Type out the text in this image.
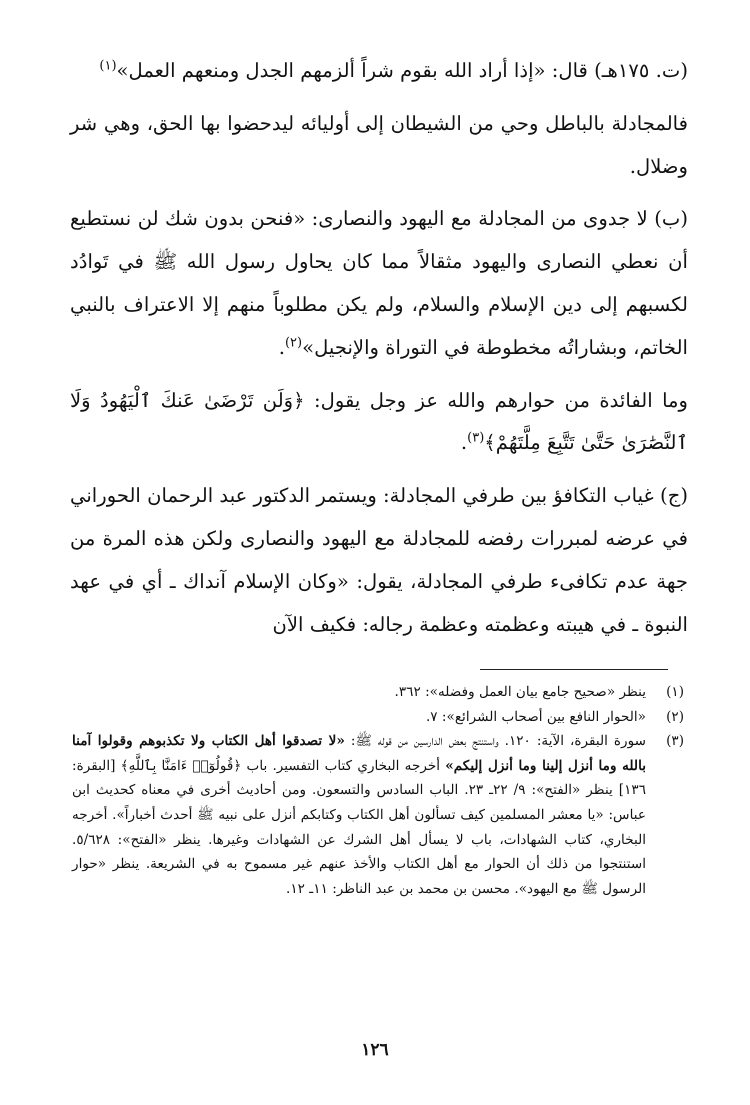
(ت. ١٧٥هـ) قال: «إذا أراد الله بقوم شراً ألزمهم الجدل ومنعهم العمل»$^{(١)}$

فالمجادلة بالباطل وحي من الشيطان إلى أوليائه ليدحضوا بها الحق، وهي شر وضلال.

(ب) لا جدوى من المجادلة مع اليهود والنصارى: «فنحن بدون شك لن نستطيع أن نعطي النصارى واليهود مثقالاً مما كان يحاول رسول الله ﷺ في تَوادُد لكسبهم إلى دين الإسلام والسلام، ولم يكن مطلوباً منهم إلا الاعتراف بالنبي الخاتم، وبشاراتُه مخطوطة في التوراة والإنجيل»$^{(٢)}$.

وما الفائدة من حوارهم والله عز وجل يقول: ﴿وَلَن تَرْضَىٰ عَنكَ ٱلْيَهُودُ وَلَا ٱلنَّصَٰرَىٰ حَتَّىٰ تَتَّبِعَ مِلَّتَهُمْ﴾$^{(٣)}$.

(ج) غياب التكافؤ بين طرفي المجادلة: ويستمر الدكتور عبد الرحمان الحوراني في عرضه لمبررات رفضه للمجادلة مع اليهود والنصارى ولكن هذه المرة من جهة عدم تكافىء طرفي المجادلة، يقول: «وكان الإسلام آنداك ـ أي في عهد النبوة ـ في هيبته وعظمته وعظمة رجاله: فكيف الآن

(١)
ينظر «صحيح جامع بيان العمل وفضله»: ٣٦٢.
(٢)
«الحوار النافع بين أصحاب الشرائع»: ٧.
(٣)
سورة البقرة، الآية: ١٢٠. واستنتج بعض الدارسين من قوله ﷺ: «لا تصدقوا أهل الكتاب ولا تكذبوهم وقولوا آمنا بالله وما أنزل إلينا وما أنزل إليكم» أخرجه البخاري كتاب التفسير. باب ﴿قُولُوٓا۟ ءَامَنَّا بِٱللَّهِ﴾ [البقرة: ١٣٦] ينظر «الفتح»: ٩/ ٢٢ـ ٢٣. الباب السادس والتسعون. ومن أحاديث أخرى في معناه كحديث ابن عباس: «يا معشر المسلمين كيف تسألون أهل الكتاب وكتابكم أنزل على نبيه ﷺ أحدث أخباراً». أخرجه البخاري، كتاب الشهادات، باب لا يسأل أهل الشرك عن الشهادات وغيرها. ينظر «الفتح»: ٥/٦٢٨. استنتجوا من ذلك أن الحوار مع أهل الكتاب والأخذ عنهم غير مسموح به في الشريعة. ينظر «حوار الرسول ﷺ مع اليهود». محسن بن محمد بن عبد الناظر: ١١ـ ١٢.
١٢٦
